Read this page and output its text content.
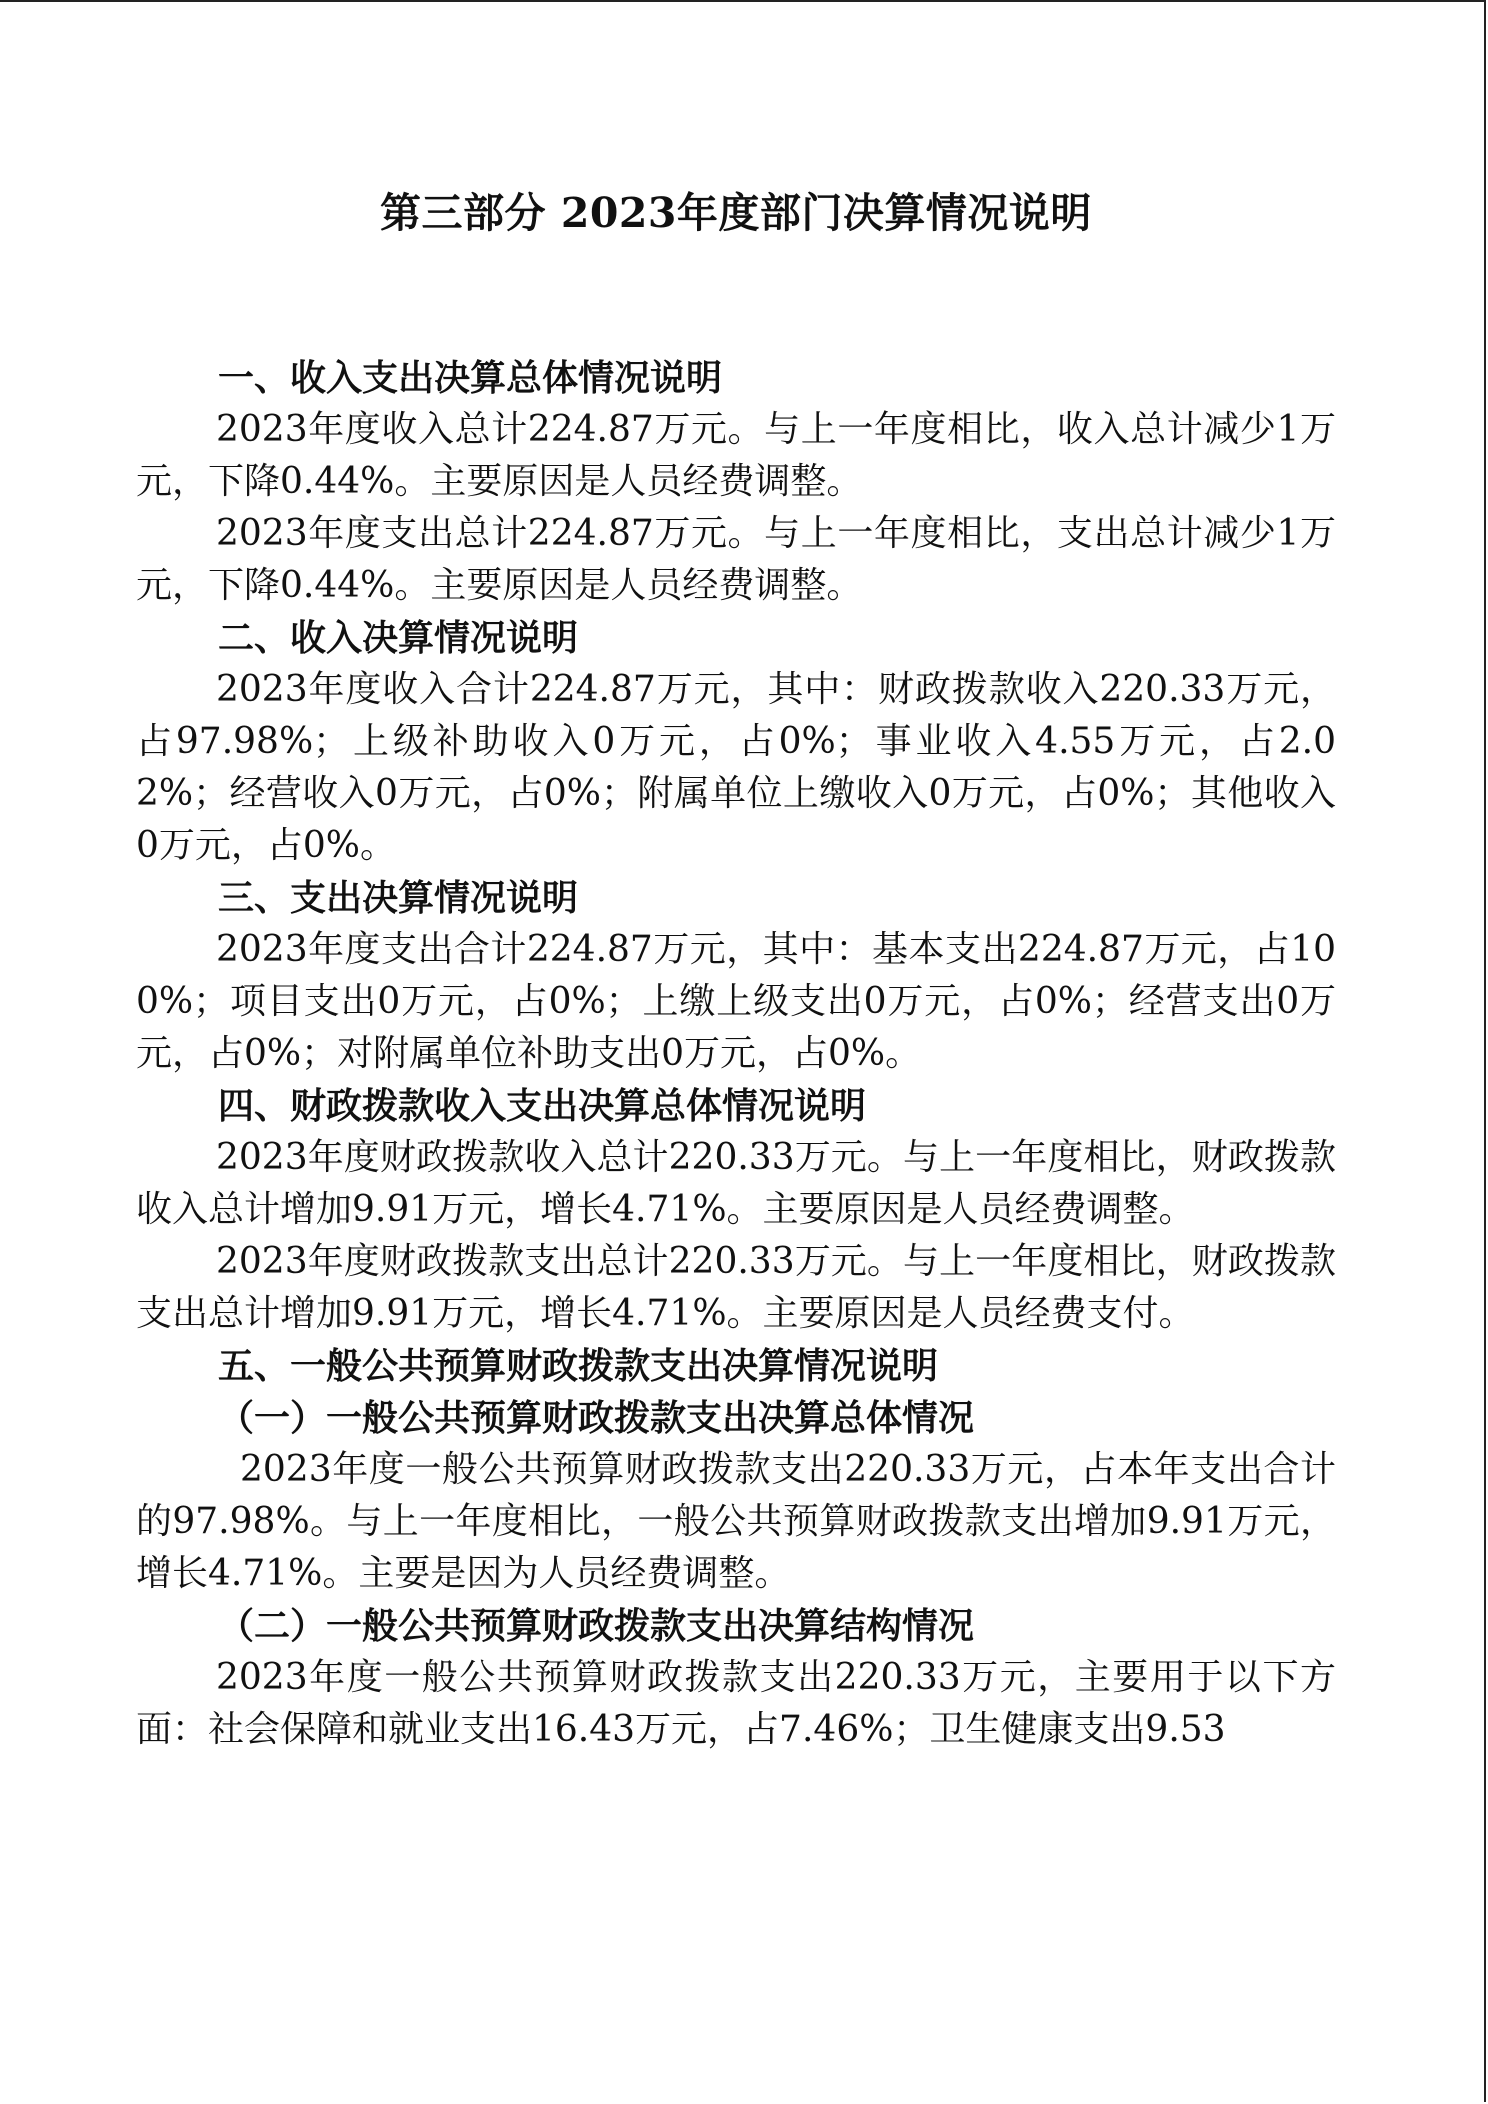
第三部分 2023年度部门决算情况说明

一、收入支出决算总体情况说明

2023年度收入总计224.87万元。与上一年度相比，收入总计减少1万元，下降0.44%。主要原因是人员经费调整。

2023年度支出总计224.87万元。与上一年度相比，支出总计减少1万元，下降0.44%。主要原因是人员经费调整。

二、收入决算情况说明

2023年度收入合计224.87万元，其中：财政拨款收入220.33万元，占97.98%；上级补助收入0万元，占0%；事业收入4.55万元，占2.02%；经营收入0万元，占0%；附属单位上缴收入0万元，占0%；其他收入0万元，占0%。

三、支出决算情况说明

2023年度支出合计224.87万元，其中：基本支出224.87万元，占100%；项目支出0万元，占0%；上缴上级支出0万元，占0%；经营支出0万元，占0%；对附属单位补助支出0万元，占0%。

四、财政拨款收入支出决算总体情况说明

2023年度财政拨款收入总计220.33万元。与上一年度相比，财政拨款收入总计增加9.91万元，增长4.71%。主要原因是人员经费调整。

2023年度财政拨款支出总计220.33万元。与上一年度相比，财政拨款支出总计增加9.91万元，增长4.71%。主要原因是人员经费支付。

五、一般公共预算财政拨款支出决算情况说明

（一）一般公共预算财政拨款支出决算总体情况

2023年度一般公共预算财政拨款支出220.33万元，占本年支出合计的97.98%。与上一年度相比，一般公共预算财政拨款支出增加9.91万元，增长4.71%。主要是因为人员经费调整。

（二）一般公共预算财政拨款支出决算结构情况

2023年度一般公共预算财政拨款支出220.33万元，主要用于以下方面：社会保障和就业支出16.43万元，占7.46%；卫生健康支出9.53
